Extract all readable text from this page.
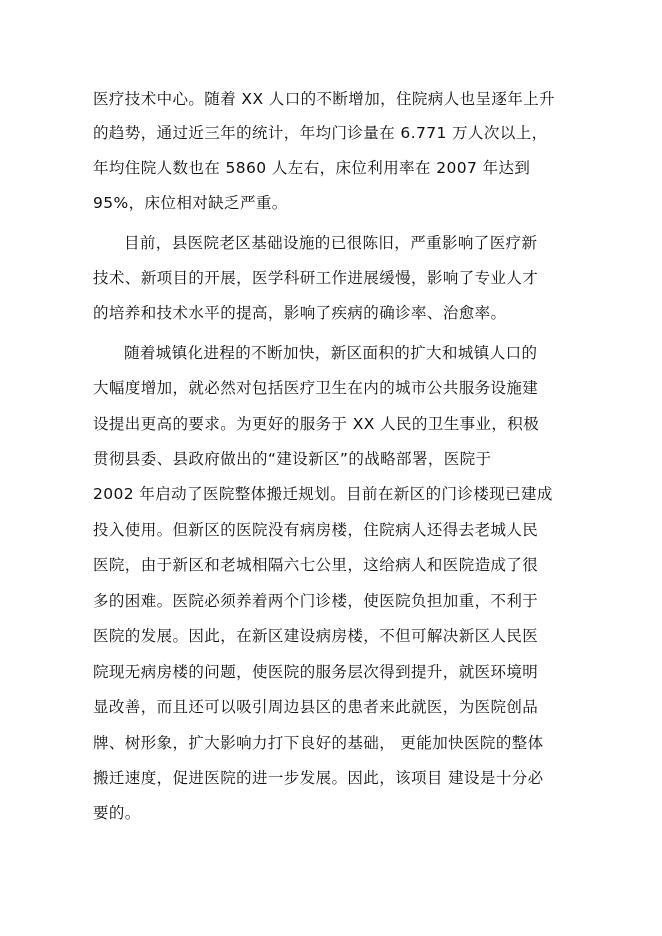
医疗技术中心。随着 XX 人口的不断增加，住院病人也呈逐年上升
的趋势，通过近三年的统计，年均门诊量在 6.771 万人次以上，
年均住院人数也在 5860 人左右，床位利用率在 2007 年达到
95%，床位相对缺乏严重。
目前，县医院老区基础设施的已很陈旧，严重影响了医疗新
技术、新项目的开展，医学科研工作进展缓慢，影响了专业人才
的培养和技术水平的提高，影响了疾病的确诊率、治愈率。
随着城镇化进程的不断加快，新区面积的扩大和城镇人口的
大幅度增加，就必然对包括医疗卫生在内的城市公共服务设施建
设提出更高的要求。为更好的服务于 XX 人民的卫生事业，积极
贯彻县委、县政府做出的“建设新区”的战略部署，医院于
2002 年启动了医院整体搬迁规划。目前在新区的门诊楼现已建成
投入使用。但新区的医院没有病房楼，住院病人还得去老城人民
医院，由于新区和老城相隔六七公里，这给病人和医院造成了很
多的困难。医院必须养着两个门诊楼，使医院负担加重，不利于
医院的发展。因此，在新区建设病房楼，不但可解决新区人民医
院现无病房楼的问题，使医院的服务层次得到提升，就医环境明
显改善，而且还可以吸引周边县区的患者来此就医，为医院创品
牌、树形象，扩大影响力打下良好的基础， 更能加快医院的整体
搬迁速度，促进医院的进一步发展。因此，该项目 建设是十分必
要的。
